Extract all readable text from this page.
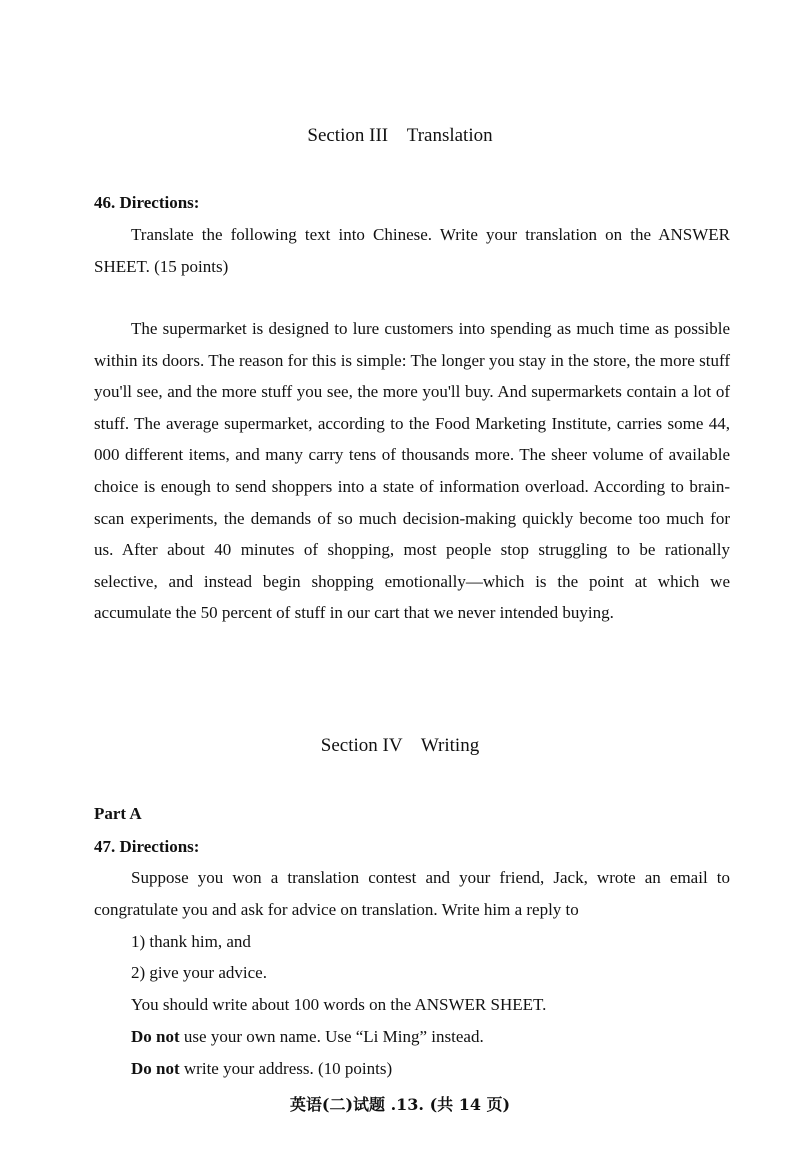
Section III    Translation
46. Directions:

Translate the following text into Chinese. Write your translation on the ANSWER SHEET. (15 points)

The supermarket is designed to lure customers into spending as much time as possible within its doors. The reason for this is simple: The longer you stay in the store, the more stuff you'll see, and the more stuff you see, the more you'll buy. And supermarkets contain a lot of stuff. The average supermarket, according to the Food Marketing Institute, carries some 44, 000 different items, and many carry tens of thousands more. The sheer volume of available choice is enough to send shoppers into a state of information overload. According to brain-scan experiments, the demands of so much decision-making quickly become too much for us. After about 40 minutes of shopping, most people stop struggling to be rationally selective, and instead begin shopping emotionally—which is the point at which we accumulate the 50 percent of stuff in our cart that we never intended buying.

Section IV    Writing
Part A
47. Directions:

Suppose you won a translation contest and your friend, Jack, wrote an email to congratulate you and ask for advice on translation. Write him a reply to

1) thank him, and
2) give your advice.
You should write about 100 words on the ANSWER SHEET.
Do not use your own name. Use “Li Ming” instead.
Do not write your address. (10 points)
英语(二)试题 .13. (共 14 页)
